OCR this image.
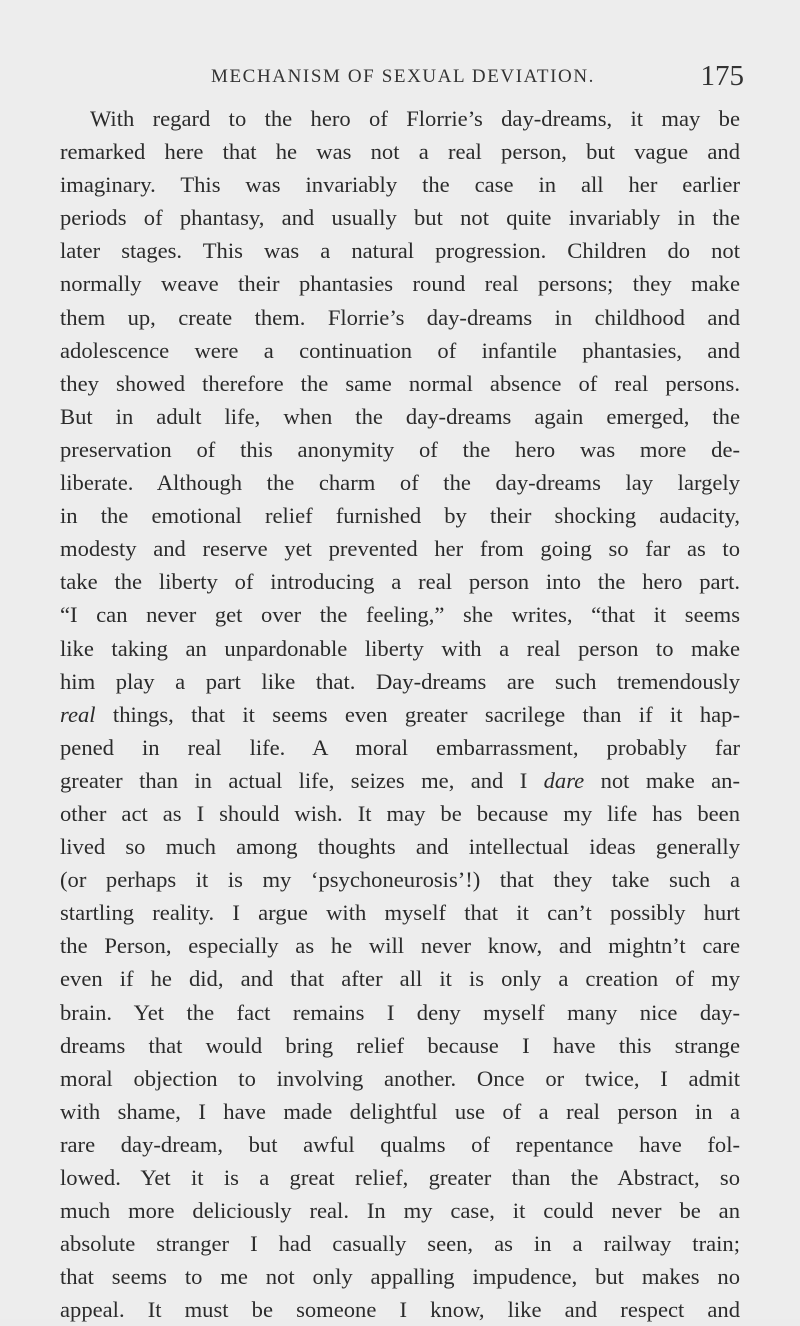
MECHANISM OF SEXUAL DEVIATION.	175
With regard to the hero of Florrie’s day-dreams, it may be
remarked here that he was not a real person, but vague and
imaginary. This was invariably the case in all her earlier
periods of phantasy, and usually but not quite invariably in the
later stages. This was a natural progression. Children do not
normally weave their phantasies round real persons; they make
them up, create them. Florrie’s day-dreams in childhood and
adolescence were a continuation of infantile phantasies, and
they showed therefore the same normal absence of real persons.
But in adult life, when the day-dreams again emerged, the
preservation of this anonymity of the hero was more de-
liberate. Although the charm of the day-dreams lay largely
in the emotional relief furnished by their shocking audacity,
modesty and reserve yet prevented her from going so far as to
take the liberty of introducing a real person into the hero part.
“I can never get over the feeling,” she writes, “that it seems
like taking an unpardonable liberty with a real person to make
him play a part like that. Day-dreams are such tremendously
real things, that it seems even greater sacrilege than if it hap-
pened in real life. A moral embarrassment, probably far
greater than in actual life, seizes me, and I dare not make an-
other act as I should wish. It may be because my life has been
lived so much among thoughts and intellectual ideas generally
(or perhaps it is my ‘psychoneurosis’!) that they take such a
startling reality. I argue with myself that it can’t possibly hurt
the Person, especially as he will never know, and mightn’t care
even if he did, and that after all it is only a creation of my
brain. Yet the fact remains I deny myself many nice day-
dreams that would bring relief because I have this strange
moral objection to involving another. Once or twice, I admit
with shame, I have made delightful use of a real person in a
rare day-dream, but awful qualms of repentance have fol-
lowed. Yet it is a great relief, greater than the Abstract, so
much more deliciously real. In my case, it could never be an
absolute stranger I had casually seen, as in a railway train;
that seems to me not only appalling impudence, but makes no
appeal. It must be someone I know, like and respect and
